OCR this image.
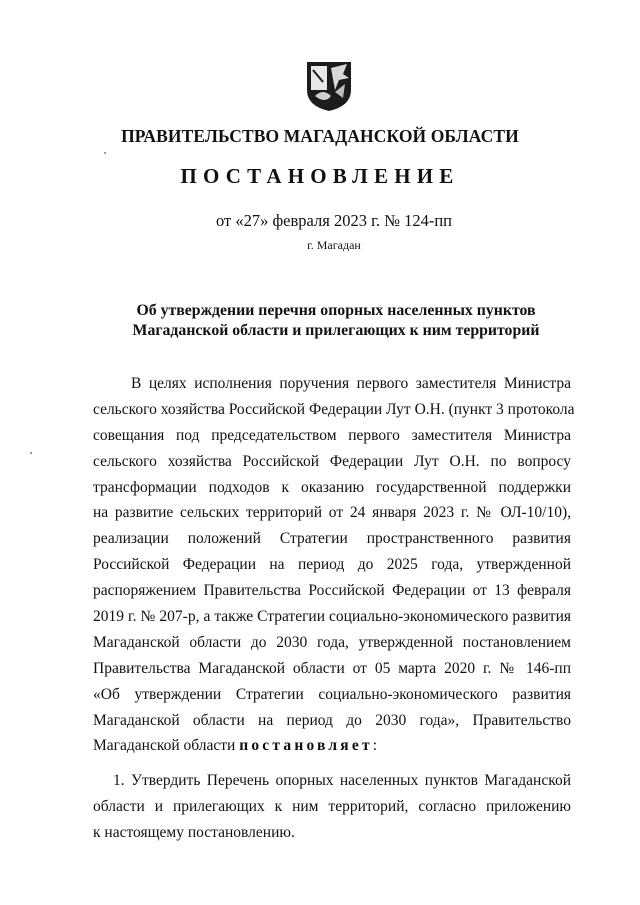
ПРАВИТЕЛЬСТВО МАГАДАНСКОЙ ОБЛАСТИ
ПОСТАНОВЛЕНИЕ
от «27» февраля 2023 г. № 124-пп
г. Магадан
Об утверждении перечня опорных населенных пунктов
Магаданской области и прилегающих к ним территорий
В целях исполнения поручения первого заместителя Министра
сельского хозяйства Российской Федерации Лут О.Н. (пункт 3 протокола
совещания под председательством первого заместителя Министра
сельского хозяйства Российской Федерации Лут О.Н. по вопросу
трансформации подходов к оказанию государственной поддержки
на развитие сельских территорий от 24 января 2023 г. № ОЛ-10/10),
реализации положений Стратегии пространственного развития
Российской Федерации на период до 2025 года, утвержденной
распоряжением Правительства Российской Федерации от 13 февраля
2019 г. № 207-р, а также Стратегии социально-экономического развития
Магаданской области до 2030 года, утвержденной постановлением
Правительства Магаданской области от 05 марта 2020 г. № 146-пп
«Об утверждении Стратегии социально-экономического развития
Магаданской области на период до 2030 года», Правительство
Магаданской области постановляет:
1. Утвердить Перечень опорных населенных пунктов Магаданской
области и прилегающих к ним территорий, согласно приложению
к настоящему постановлению.
